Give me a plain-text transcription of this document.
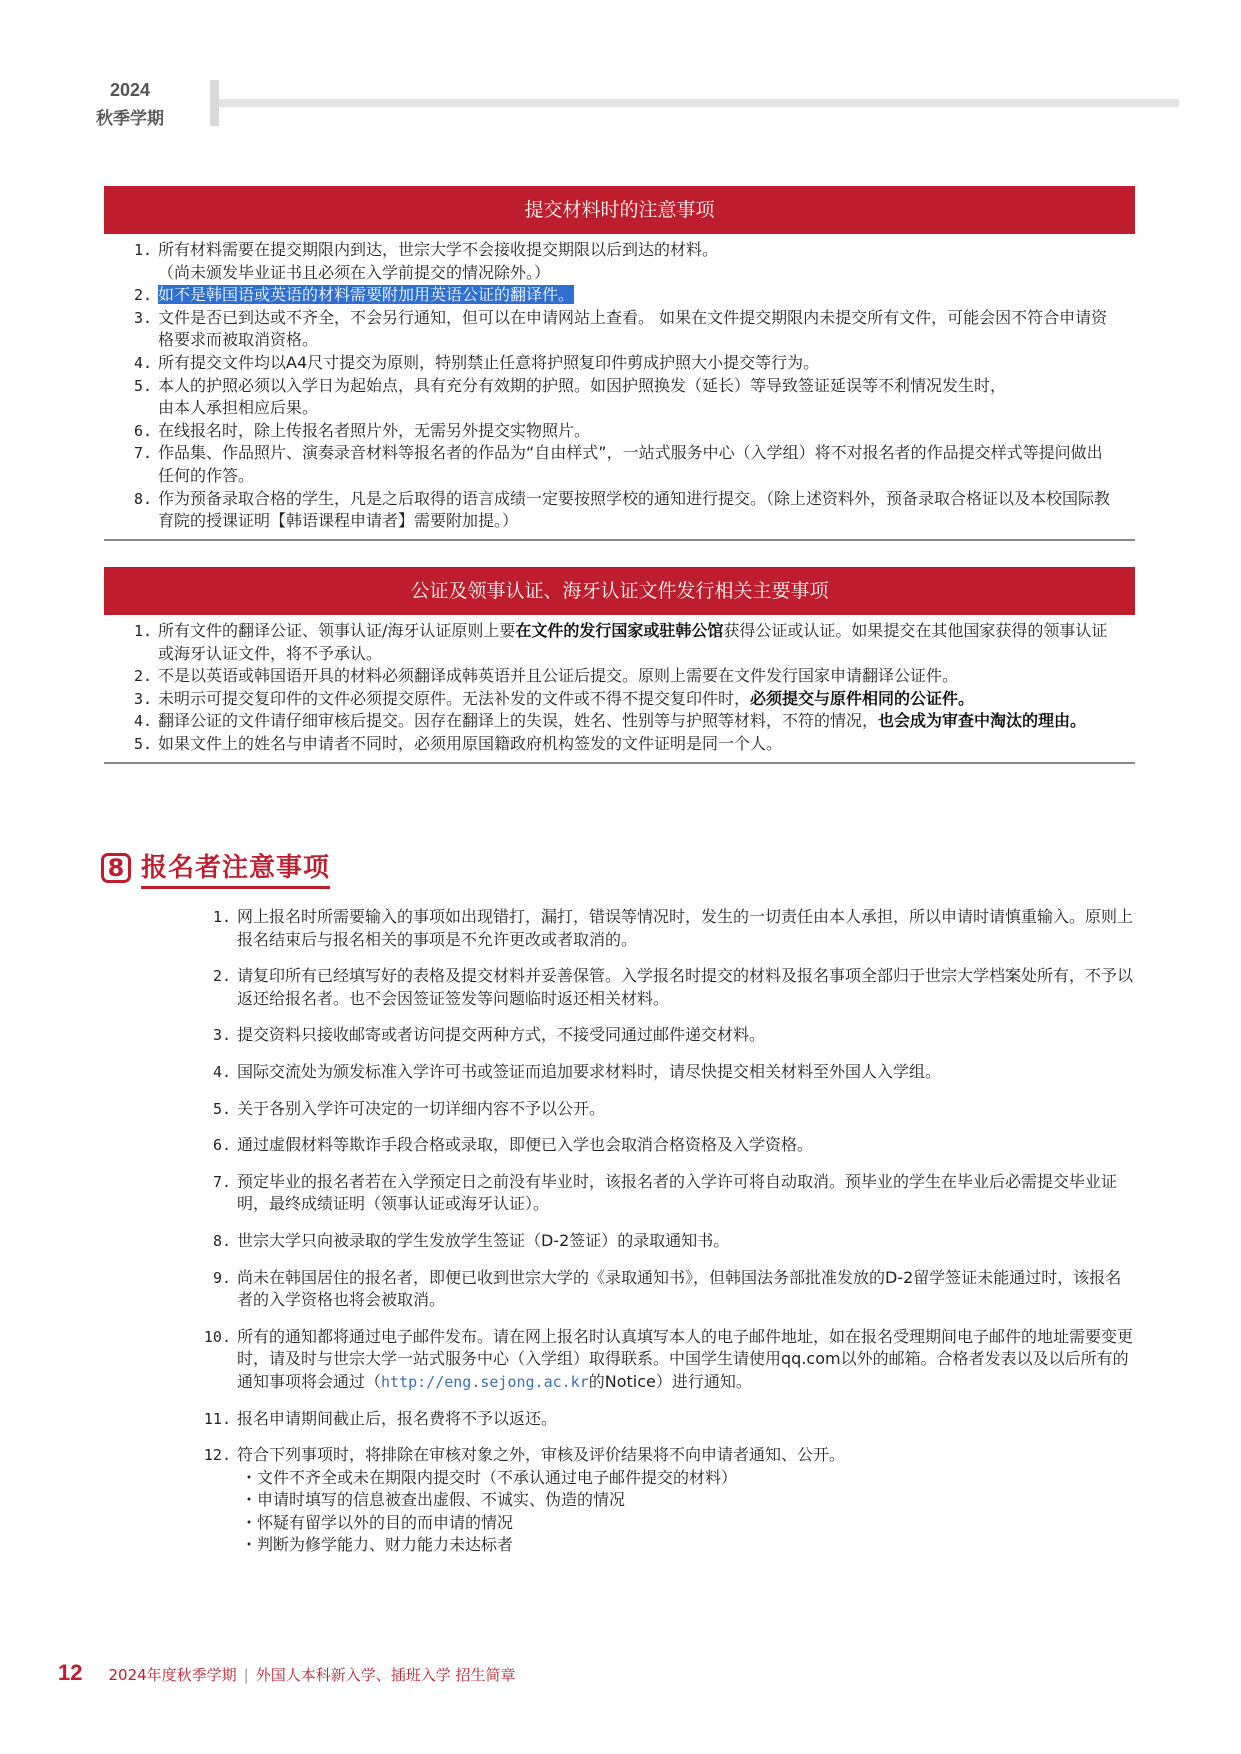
2024
秋季学期
提交材料时的注意事项
1. 所有材料需要在提交期限内到达，世宗大学不会接收提交期限以后到达的材料。
（尚未颁发毕业证书且必须在入学前提交的情况除外。）
2. 如不是韩国语或英语的材料需要附加用英语公证的翻译件。
3. 文件是否已到达或不齐全，不会另行通知，但可以在申请网站上查看。 如果在文件提交期限内未提交所有文件，可能会因不符合申请资格要求而被取消资格。
4. 所有提交文件均以A4尺寸提交为原则，特别禁止任意将护照复印件剪成护照大小提交等行为。
5. 本人的护照必须以入学日为起始点，具有充分有效期的护照。如因护照换发（延长）等导致签证延误等不利情况发生时，
由本人承担相应后果。
6. 在线报名时，除上传报名者照片外，无需另外提交实物照片。
7. 作品集、作品照片、演奏录音材料等报名者的作品为“自由样式”，一站式服务中心（入学组）将不对报名者的作品提交样式等提问做出任何的作答。
8. 作为预备录取合格的学生，凡是之后取得的语言成绩一定要按照学校的通知进行提交。（除上述资料外，预备录取合格证以及本校国际教育院的授课证明【韩语课程申请者】需要附加提。）
公证及领事认证、海牙认证文件发行相关主要事项
1. 所有文件的翻译公证、领事认证/海牙认证原则上要在文件的发行国家或驻韩公馆获得公证或认证。如果提交在其他国家获得的领事认证或海牙认证文件，将不予承认。
2. 不是以英语或韩国语开具的材料必须翻译成韩英语并且公证后提交。原则上需要在文件发行国家申请翻译公证件。
3. 未明示可提交复印件的文件必须提交原件。无法补发的文件或不得不提交复印件时，必须提交与原件相同的公证件。
4. 翻译公证的文件请仔细审核后提交。因存在翻译上的失误，姓名、性别等与护照等材料，不符的情况，也会成为审查中淘汰的理由。
5. 如果文件上的姓名与申请者不同时，必须用原国籍政府机构签发的文件证明是同一个人。
8 报名者注意事项
1. 网上报名时所需要输入的事项如出现错打，漏打，错误等情况时，发生的一切责任由本人承担，所以申请时请慎重输入。原则上报名结束后与报名相关的事项是不允许更改或者取消的。
2. 请复印所有已经填写好的表格及提交材料并妥善保管。入学报名时提交的材料及报名事项全部归于世宗大学档案处所有，不予以返还给报名者。也不会因签证签发等问题临时返还相关材料。
3. 提交资料只接收邮寄或者访问提交两种方式，不接受同通过邮件递交材料。
4. 国际交流处为颁发标准入学许可书或签证而追加要求材料时，请尽快提交相关材料至外国人入学组。
5. 关于各别入学许可决定的一切详细内容不予以公开。
6. 通过虚假材料等欺诈手段合格或录取，即便已入学也会取消合格资格及入学资格。
7. 预定毕业的报名者若在入学预定日之前没有毕业时，该报名者的入学许可将自动取消。预毕业的学生在毕业后必需提交毕业证明，最终成绩证明（领事认证或海牙认证）。
8. 世宗大学只向被录取的学生发放学生签证（D-2签证）的录取通知书。
9. 尚未在韩国居住的报名者，即便已收到世宗大学的《录取通知书》，但韩国法务部批准发放的D-2留学签证未能通过时，该报名者的入学资格也将会被取消。
10. 所有的通知都将通过电子邮件发布。请在网上报名时认真填写本人的电子邮件地址，如在报名受理期间电子邮件的地址需要变更时，请及时与世宗大学一站式服务中心（入学组）取得联系。中国学生请使用qq.com以外的邮箱。合格者发表以及以后所有的通知事项将会通过（http://eng.sejong.ac.kr的Notice）进行通知。
11. 报名申请期间截止后，报名费将不予以返还。
12. 符合下列事项时，将排除在审核对象之外，审核及评价结果将不向申请者通知、公开。
・文件不齐全或未在期限内提交时（不承认通过电子邮件提交的材料）
・申请时填写的信息被查出虚假、不诚实、伪造的情况
・怀疑有留学以外的目的而申请的情况
・判断为修学能力、财力能力未达标者
12 2024年度秋季学期 | 外国人本科新入学、插班入学 招生简章
